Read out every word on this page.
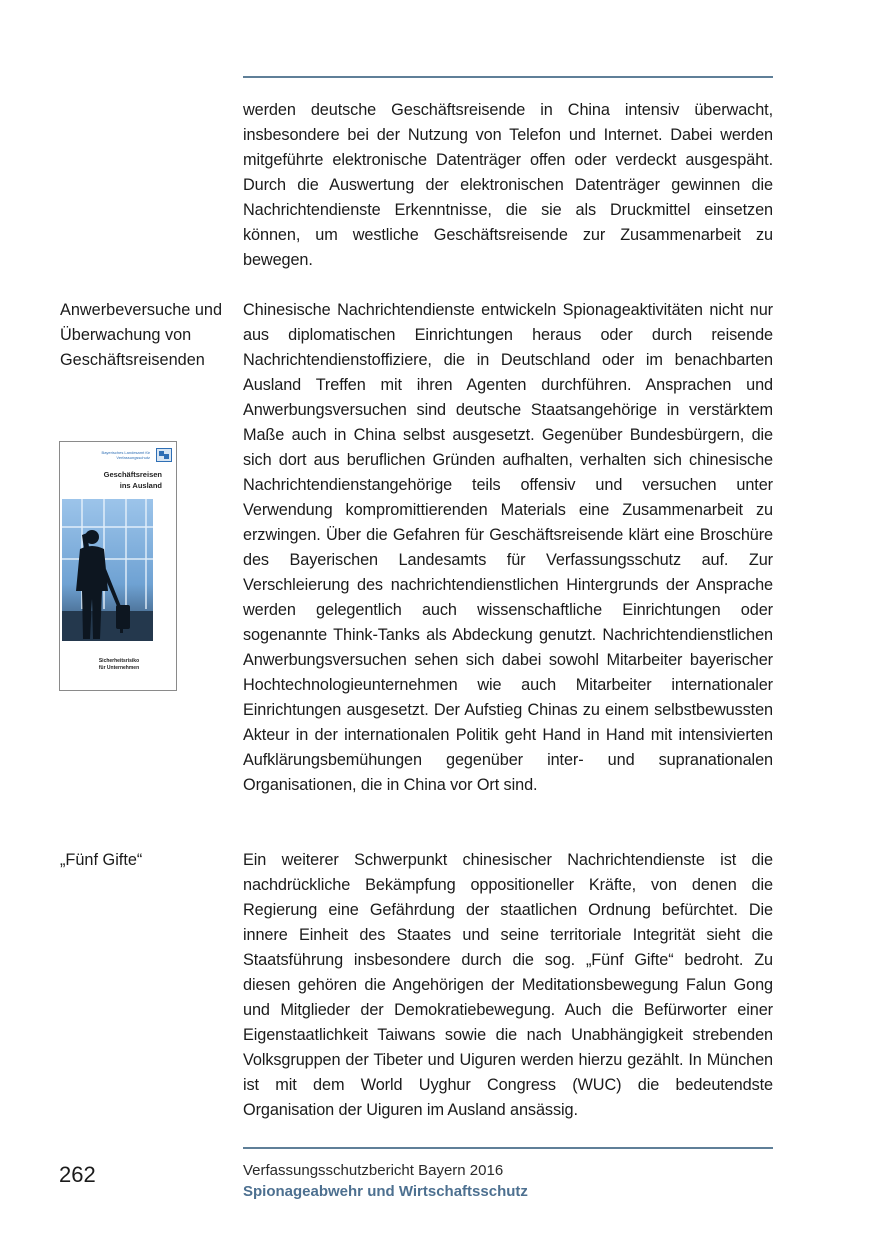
werden deutsche Geschäftsreisende in China intensiv überwacht, insbesondere bei der Nutzung von Telefon und Internet. Dabei werden mitgeführte elektronische Datenträger offen oder verdeckt ausgespäht. Durch die Auswertung der elektronischen Datenträger gewinnen die Nachrichtendienste Erkenntnisse, die sie als Druckmittel einsetzen können, um westliche Geschäftsreisende zur Zusammenarbeit zu bewegen.

Anwerbeversuche und Überwachung von Geschäftsreisenden

Chinesische Nachrichtendienste entwickeln Spionageaktivitäten nicht nur aus diplomatischen Einrichtungen heraus oder durch reisende Nachrichtendienstoffiziere, die in Deutschland oder im benachbarten Ausland Treffen mit ihren Agenten durchführen. Ansprachen und Anwerbungsversuchen sind deutsche Staatsangehörige in verstärktem Maße auch in China selbst ausgesetzt. Gegenüber Bundesbürgern, die sich dort aus beruflichen Gründen aufhalten, verhalten sich chinesische Nachrichtendienstangehörige teils offensiv und versuchen unter Verwendung kompromittierenden Materials eine Zusammenarbeit zu erzwingen. Über die Gefahren für Geschäftsreisende klärt eine Broschüre des Bayerischen Landesamts für Verfassungsschutz auf. Zur Verschleierung des nachrichtendienstlichen Hintergrunds der Ansprache werden gelegentlich auch wissenschaftliche Einrichtungen oder sogenannte Think-Tanks als Abdeckung genutzt. Nachrichtendienstlichen Anwerbungsversuchen sehen sich dabei sowohl Mitarbeiter bayerischer Hochtechnologieunternehmen wie auch Mitarbeiter internationaler Einrichtungen ausgesetzt. Der Aufstieg Chinas zu einem selbstbewussten Akteur in der internationalen Politik geht Hand in Hand mit intensivierten Aufklärungsbemühungen gegenüber inter- und supranationalen Organisationen, die in China vor Ort sind.

Bayerisches Landesamt für Verfassungsschutz
Geschäftsreisen
ins Ausland
Sicherheitsrisiko
für Unternehmen

„Fünf Gifte“	Ein weiterer Schwerpunkt chinesischer Nachrichtendienste ist die nachdrückliche Bekämpfung oppositioneller Kräfte, von denen die Regierung eine Gefährdung der staatlichen Ordnung befürchtet. Die innere Einheit des Staates und seine territoriale Integrität sieht die Staatsführung insbesondere durch die sog. „Fünf Gifte“ bedroht. Zu diesen gehören die Angehörigen der Meditationsbewegung Falun Gong und Mitglieder der Demokratiebewegung. Auch die Befürworter einer Eigenstaatlichkeit Taiwans sowie die nach Unabhängigkeit strebenden Volksgruppen der Tibeter und Uiguren werden hierzu gezählt. In München ist mit dem World Uyghur Congress (WUC) die bedeutendste Organisation der Uiguren im Ausland ansässig.

262	Verfassungsschutzbericht Bayern 2016
Spionageabwehr und Wirtschaftsschutz
